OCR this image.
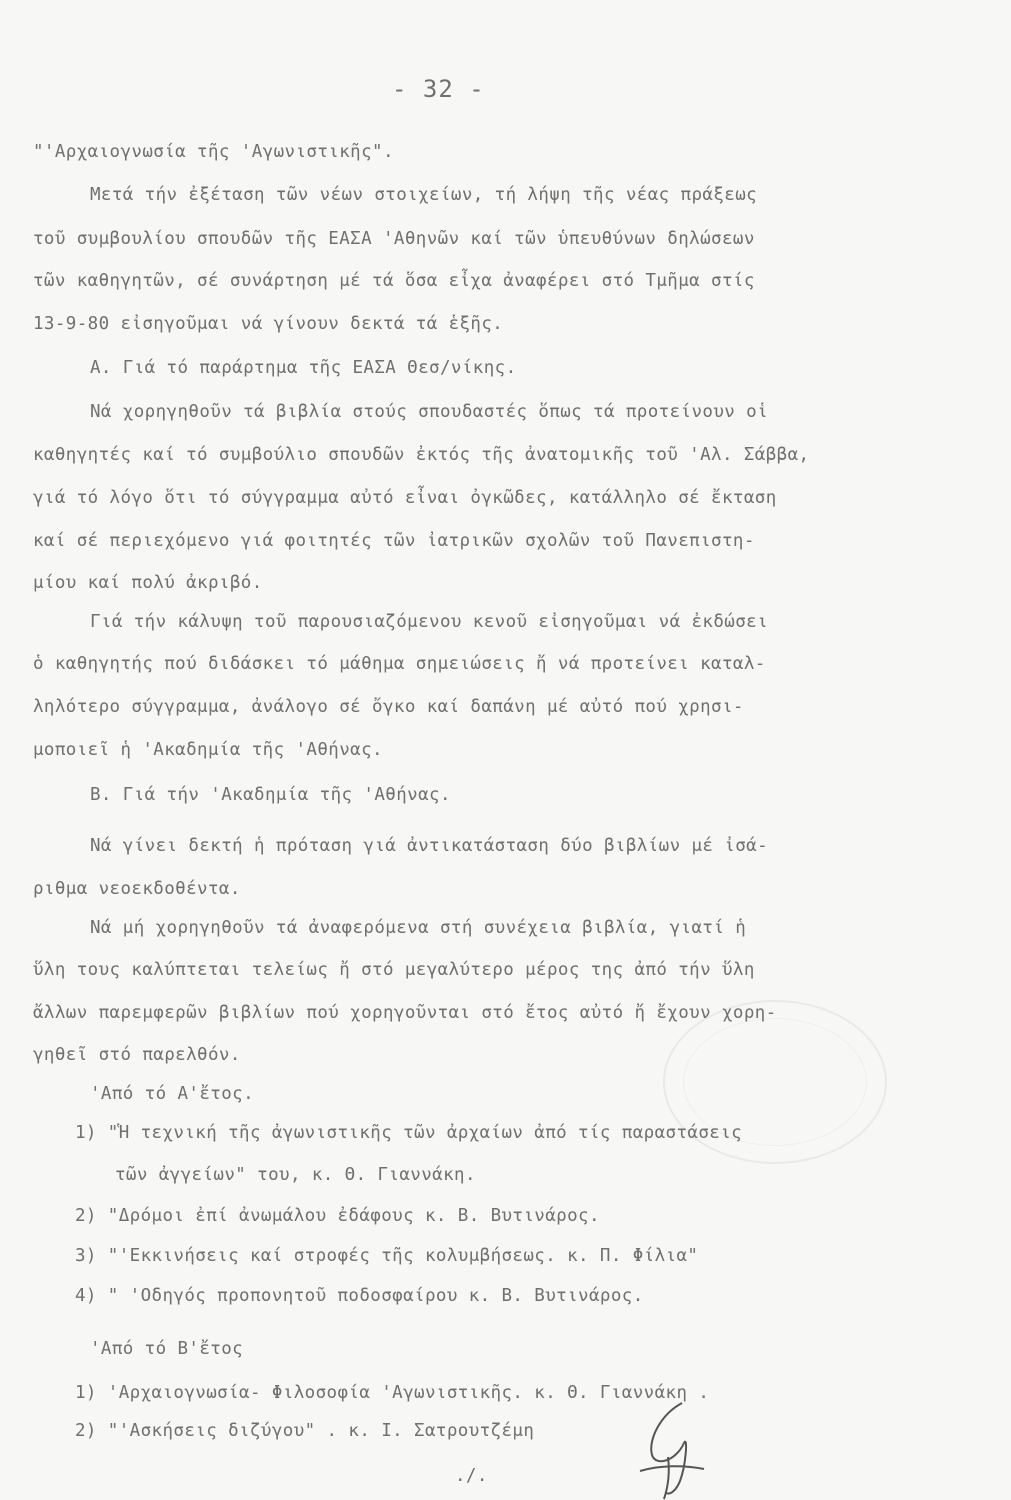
- 32 -
"'Αρχαιογνωσία τῆς 'Αγωνιστικῆς".
Μετά τήν ἐξέταση τῶν νέων στοιχείων, τή λήψη τῆς νέας πράξεως
τοῦ συμβουλίου σπουδῶν τῆς ΕΑΣΑ 'Αθηνῶν καί τῶν ὑπευθύνων δηλώσεων
τῶν καθηγητῶν, σέ συνάρτηση μέ τά ὅσα εἶχα ἀναφέρει στό Τμῆμα στίς
13-9-80 εἰσηγοῦμαι νά γίνουν δεκτά τά ἑξῆς.
Α. Γιά τό παράρτημα τῆς ΕΑΣΑ Θεσ/νίκης.
Νά χορηγηθοῦν τά βιβλία στούς σπουδαστές ὅπως τά προτείνουν οἱ
καθηγητές καί τό συμβούλιο σπουδῶν ἐκτός τῆς ἀνατομικῆς τοῦ 'Αλ. Σάββα,
γιά τό λόγο ὅτι τό σύγγραμμα αὐτό εἶναι ὀγκῶδες, κατάλληλο σέ ἔκταση
καί σέ περιεχόμενο γιά φοιτητές τῶν ἰατρικῶν σχολῶν τοῦ Πανεπιστη-
μίου καί πολύ ἀκριβό.
Γιά τήν κάλυψη τοῦ παρουσιαζόμενου κενοῦ εἰσηγοῦμαι νά ἐκδώσει
ὁ καθηγητής πού διδάσκει τό μάθημα σημειώσεις ἤ νά προτείνει καταλ-
ληλότερο σύγγραμμα, ἀνάλογο σέ ὄγκο καί δαπάνη μέ αὐτό πού χρησι-
μοποιεῖ ἡ 'Ακαδημία τῆς 'Αθήνας.
Β. Γιά τήν 'Ακαδημία τῆς 'Αθήνας.
Νά γίνει δεκτή ἡ πρόταση γιά ἀντικατάσταση δύο βιβλίων μέ ἰσά-
ριθμα νεοεκδοθέντα.
Νά μή χορηγηθοῦν τά ἀναφερόμενα στή συνέχεια βιβλία, γιατί ἡ
ὕλη τους καλύπτεται τελείως ἤ στό μεγαλύτερο μέρος της ἀπό τήν ὕλη
ἄλλων παρεμφερῶν βιβλίων πού χορηγοῦνται στό ἔτος αὐτό ἤ ἔχουν χορη-
γηθεῖ στό παρελθόν.
'Από τό Α'ἔτος.
1) "Ἡ τεχνική τῆς ἀγωνιστικῆς τῶν ἀρχαίων ἀπό τίς παραστάσεις
τῶν ἀγγείων" του, κ. Θ. Γιαννάκη.
2) "Δρόμοι ἐπί ἀνωμάλου ἐδάφους κ. Β. Βυτινάρος.
3) "'Εκκινήσεις καί στροφές τῆς κολυμβήσεως. κ. Π. Φίλια"
4) " 'Οδηγός προπονητοῦ ποδοσφαίρου κ. Β. Βυτινάρος.
'Από τό Β'ἔτος
1) 'Αρχαιογνωσία- Φιλοσοφία 'Αγωνιστικῆς. κ. Θ. Γιαννάκη .
2) "'Ασκήσεις διζύγου" . κ. Ι. Σατρουτζέμη
./.
